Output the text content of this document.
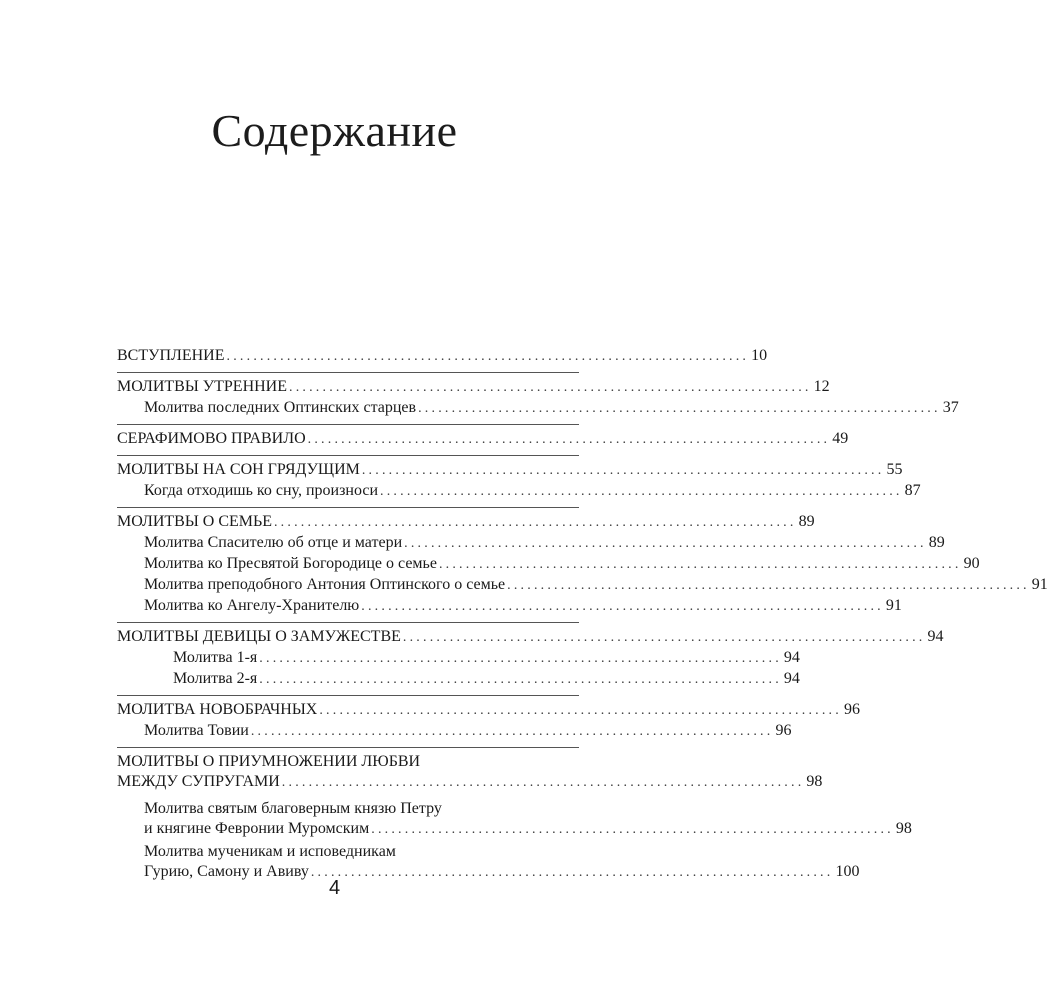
Содержание
ВСТУПЛЕНИЕ .............................................................................. 10
МОЛИТВЫ УТРЕННИЕ .............................................................................. 12
Молитва последних Оптинских старцев .............................................................................. 37
СЕРАФИМОВО ПРАВИЛО .............................................................................. 49
МОЛИТВЫ НА СОН ГРЯДУЩИМ .............................................................................. 55
Когда отходишь ко сну, произноси .............................................................................. 87
МОЛИТВЫ О СЕМЬЕ .............................................................................. 89
Молитва Спасителю об отце и матери .............................................................................. 89
Молитва ко Пресвятой Богородице о семье .............................................................................. 90
Молитва преподобного Антония Оптинского о семье .............................................................................. 91
Молитва ко Ангелу-Хранителю .............................................................................. 91
МОЛИТВЫ ДЕВИЦЫ О ЗАМУЖЕСТВЕ .............................................................................. 94
Молитва 1-я .............................................................................. 94
Молитва 2-я .............................................................................. 94
МОЛИТВА НОВОБРАЧНЫХ .............................................................................. 96
Молитва Товии .............................................................................. 96
МОЛИТВЫ О ПРИУМНОЖЕНИИ ЛЮБВИ
МЕЖДУ СУПРУГАМИ .............................................................................. 98
Молитва святым благоверным князю Петру
и княгине Февронии Муромским .............................................................................. 98
Молитва мученикам и исповедникам
Гурию, Самону и Авиву .............................................................................. 100
4
